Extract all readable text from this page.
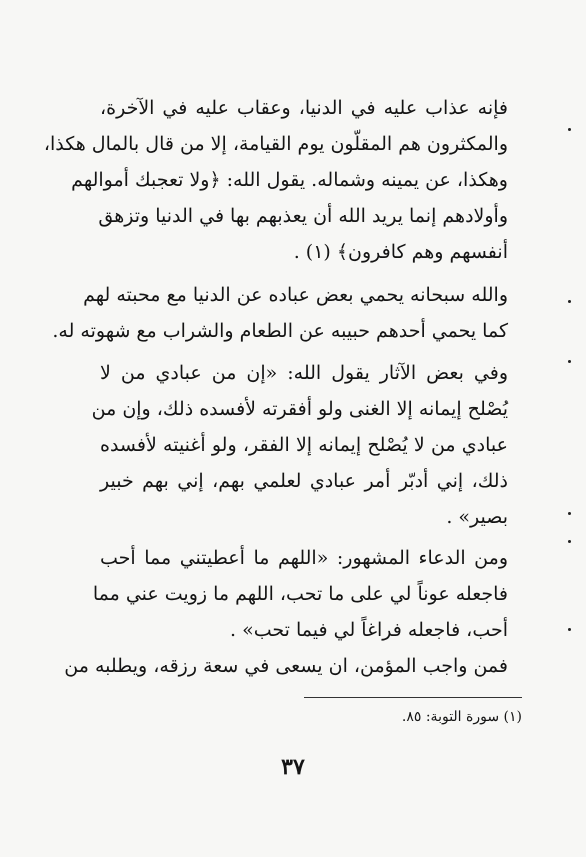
فإنه عذاب عليه في الدنيا، وعقاب عليه في الآخرة،
والمكثرون هم المقلّون يوم القيامة، إلا من قال بالمال هكذا،
وهكذا، عن يمينه وشماله. يقول الله: ﴿ولا تعجبك أموالهم
وأولادهم إنما يريد الله أن يعذبهم بها في الدنيا وتزهق
أنفسهم وهم كافرون﴾ (١) .
والله سبحانه يحمي بعض عباده عن الدنيا مع محبته لهم
كما يحمي أحدهم حبيبه عن الطعام والشراب مع شهوته له.
وفي بعض الآثار يقول الله: «إن من عبادي من لا
يُصْلح إيمانه إلا الغنى ولو أفقرته لأفسده ذلك، وإن من
عبادي من لا يُصْلح إيمانه إلا الفقر، ولو أغنيته لأفسده
ذلك، إني أدبّر أمر عبادي لعلمي بهم، إني بهم خبير
بصير» .
ومن الدعاء المشهور: «اللهم ما أعطيتني مما أحب
فاجعله عوناً لي على ما تحب، اللهم ما زويت عني مما
أحب، فاجعله فراغاً لي فيما تحب» .
فمن واجب المؤمن، ان يسعى في سعة رزقه، ويطلبه من
(١) سورة التوبة: ٨٥.
٣٧
